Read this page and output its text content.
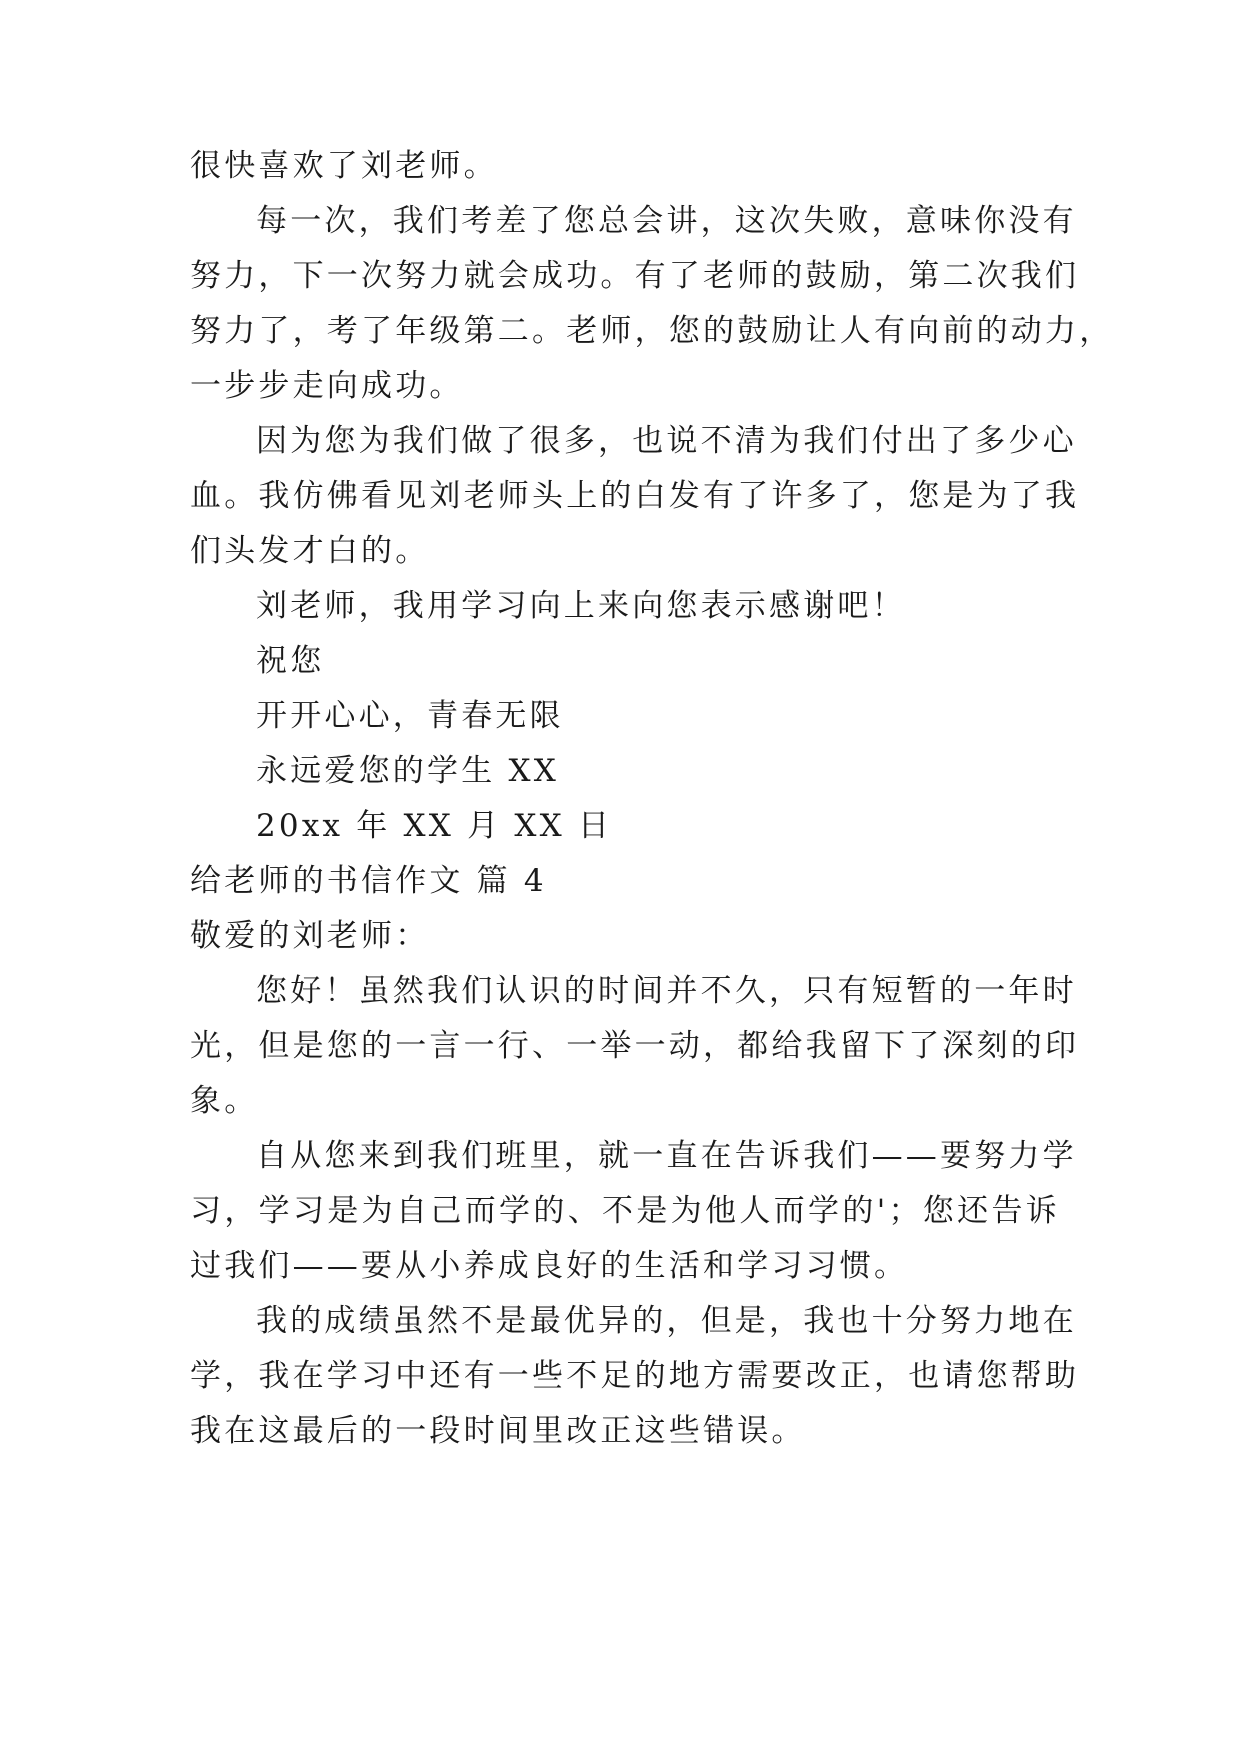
很快喜欢了刘老师。
每一次，我们考差了您总会讲，这次失败，意味你没有
努力，下一次努力就会成功。有了老师的鼓励，第二次我们
努力了，考了年级第二。老师，您的鼓励让人有向前的动力，
一步步走向成功。
因为您为我们做了很多，也说不清为我们付出了多少心
血。我仿佛看见刘老师头上的白发有了许多了，您是为了我
们头发才白的。
刘老师，我用学习向上来向您表示感谢吧！
祝您
开开心心，青春无限
永远爱您的学生 XX
20xx 年 XX 月 XX 日
给老师的书信作文 篇 4
敬爱的刘老师：
您好！虽然我们认识的时间并不久，只有短暂的一年时
光，但是您的一言一行、一举一动，都给我留下了深刻的印
象。
自从您来到我们班里，就一直在告诉我们——要努力学
习，学习是为自己而学的、不是为他人而学的'；您还告诉
过我们——要从小养成良好的生活和学习习惯。
我的成绩虽然不是最优异的，但是，我也十分努力地在
学，我在学习中还有一些不足的地方需要改正，也请您帮助
我在这最后的一段时间里改正这些错误。
